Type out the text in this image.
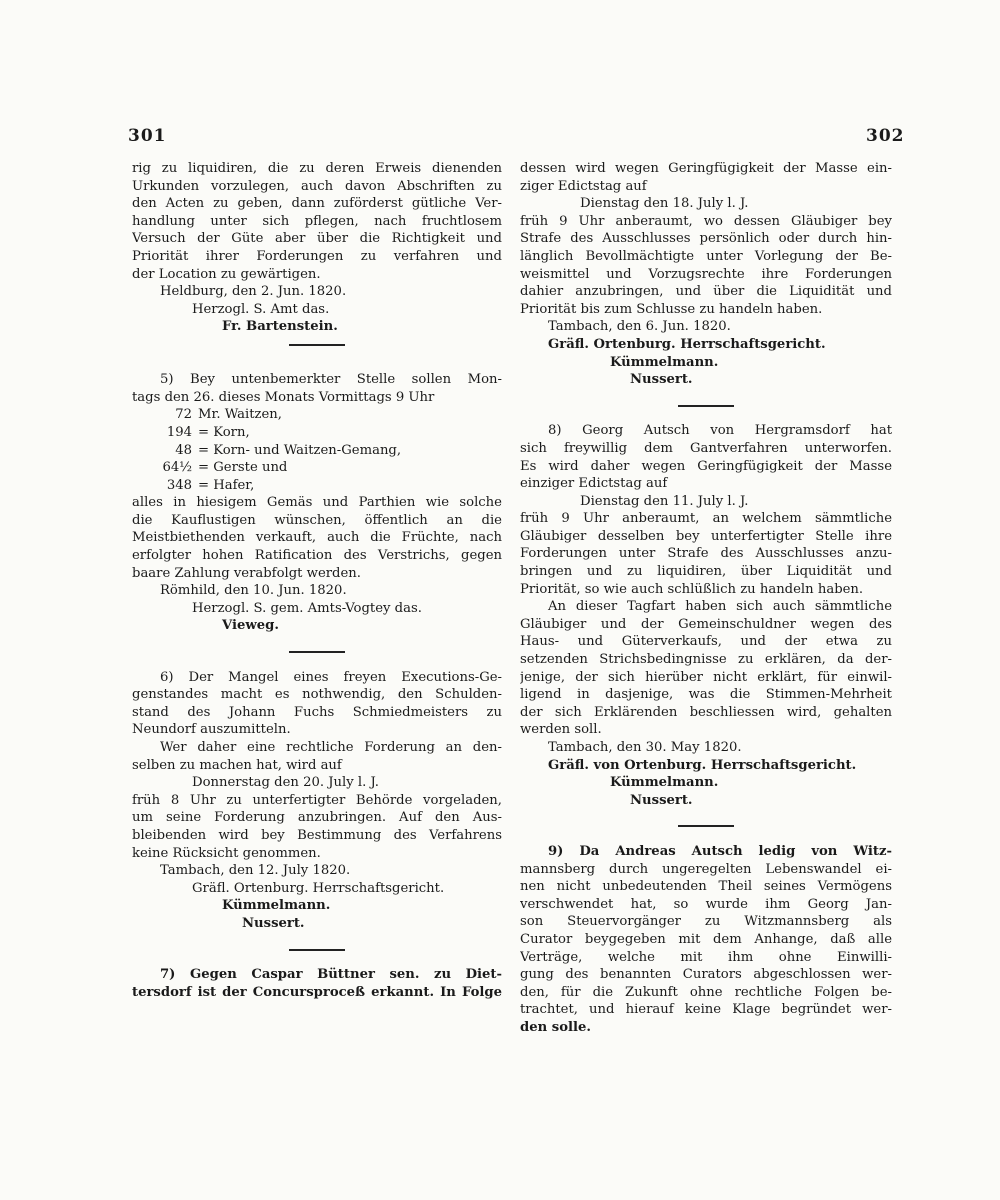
301	302
rig zu liquidiren, die zu deren Erweis dienenden
Urkunden vorzulegen, auch davon Abschriften zu
den Acten zu geben, dann zuförderst gütliche Ver-
handlung unter sich pflegen, nach fruchtlosem
Versuch der Güte aber über die Richtigkeit und
Priorität ihrer Forderungen zu verfahren und
der Location zu gewärtigen.
Heldburg, den 2. Jun. 1820.
Herzogl. S. Amt das.
Fr. Bartenstein.
5) Bey untenbemerkter Stelle sollen Mon-
tags den 26. dieses Monats Vormittags 9 Uhr
72 Mr. Waitzen,
194 = Korn,
48 = Korn- und Waitzen-Gemang,
64½ = Gerste und
348 = Hafer,
alles in hiesigem Gemäs und Parthien wie solche
die Kauflustigen wünschen, öffentlich an die
Meistbiethenden verkauft, auch die Früchte, nach
erfolgter hohen Ratification des Verstrichs, gegen
baare Zahlung verabfolgt werden.
Römhild, den 10. Jun. 1820.
Herzogl. S. gem. Amts-Vogtey das.
Vieweg.
6) Der Mangel eines freyen Executions-Ge-
genstandes macht es nothwendig, den Schulden-
stand des Johann Fuchs Schmiedmeisters zu
Neundorf auszumitteln.
Wer daher eine rechtliche Forderung an den-
selben zu machen hat, wird auf
Donnerstag den 20. July l. J.
früh 8 Uhr zu unterfertigter Behörde vorgeladen,
um seine Forderung anzubringen. Auf den Aus-
bleibenden wird bey Bestimmung des Verfahrens
keine Rücksicht genommen.
Tambach, den 12. July 1820.
Gräfl. Ortenburg. Herrschaftsgericht.
Kümmelmann.
Nussert.
7) Gegen Caspar Büttner sen. zu Diet-
tersdorf ist der Concursproceß erkannt. In Folge
dessen wird wegen Geringfügigkeit der Masse ein-
ziger Edictstag auf
Dienstag den 18. July l. J.
früh 9 Uhr anberaumt, wo dessen Gläubiger bey
Strafe des Ausschlusses persönlich oder durch hin-
länglich Bevollmächtigte unter Vorlegung der Be-
weismittel und Vorzugsrechte ihre Forderungen
dahier anzubringen, und über die Liquidität und
Priorität bis zum Schlusse zu handeln haben.
Tambach, den 6. Jun. 1820.
Gräfl. Ortenburg. Herrschaftsgericht.
Kümmelmann.
Nussert.
8) Georg Autsch von Hergramsdorf hat
sich freywillig dem Gantverfahren unterworfen.
Es wird daher wegen Geringfügigkeit der Masse
einziger Edictstag auf
Dienstag den 11. July l. J.
früh 9 Uhr anberaumt, an welchem sämmtliche
Gläubiger desselben bey unterfertigter Stelle ihre
Forderungen unter Strafe des Ausschlusses anzu-
bringen und zu liquidiren, über Liquidität und
Priorität, so wie auch schlüßlich zu handeln haben.
An dieser Tagfart haben sich auch sämmtliche
Gläubiger und der Gemeinschuldner wegen des
Haus- und Güterverkaufs, und der etwa zu
setzenden Strichsbedingnisse zu erklären, da der-
jenige, der sich hierüber nicht erklärt, für einwil-
ligend in dasjenige, was die Stimmen-Mehrheit
der sich Erklärenden beschliessen wird, gehalten
werden soll.
Tambach, den 30. May 1820.
Gräfl. von Ortenburg. Herrschaftsgericht.
Kümmelmann.
Nussert.
9) Da Andreas Autsch ledig von Witz-
mannsberg durch ungeregelten Lebenswandel ei-
nen nicht unbedeutenden Theil seines Vermögens
verschwendet hat, so wurde ihm Georg Jan-
son Steuervorgänger zu Witzmannsberg als
Curator beygegeben mit dem Anhange, daß alle
Verträge, welche mit ihm ohne Einwilli-
gung des benannten Curators abgeschlossen wer-
den, für die Zukunft ohne rechtliche Folgen be-
trachtet, und hierauf keine Klage begründet wer-
den solle.
